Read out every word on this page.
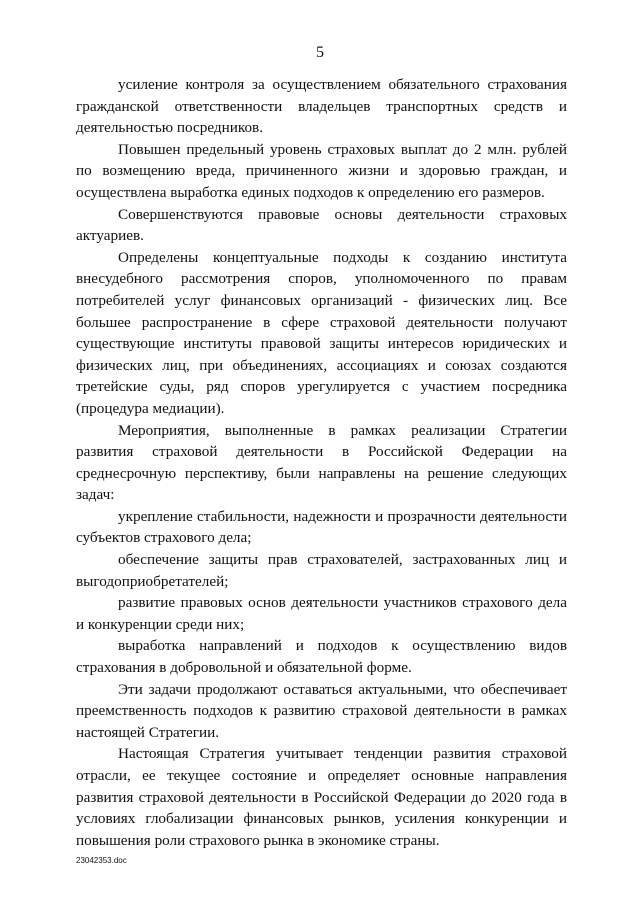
5

усиление контроля за осуществлением обязательного страхования гражданской ответственности владельцев транспортных средств и деятельностью посредников.

Повышен предельный уровень страховых выплат до 2 млн. рублей по возмещению вреда, причиненного жизни и здоровью граждан, и осуществлена выработка единых подходов к определению его размеров.

Совершенствуются правовые основы деятельности страховых актуариев.

Определены концептуальные подходы к созданию института внесудебного рассмотрения споров, уполномоченного по правам потребителей услуг финансовых организаций - физических лиц. Все большее распространение в сфере страховой деятельности получают существующие институты правовой защиты интересов юридических и физических лиц, при объединениях, ассоциациях и союзах создаются третейские суды, ряд споров урегулируется с участием посредника (процедура медиации).

Мероприятия, выполненные в рамках реализации Стратегии развития страховой деятельности в Российской Федерации на среднесрочную перспективу, были направлены на решение следующих задач:

укрепление стабильности, надежности и прозрачности деятельности субъектов страхового дела;

обеспечение защиты прав страхователей, застрахованных лиц и выгодоприобретателей;

развитие правовых основ деятельности участников страхового дела и конкуренции среди них;

выработка направлений и подходов к осуществлению видов страхования в добровольной и обязательной форме.

Эти задачи продолжают оставаться актуальными, что обеспечивает преемственность подходов к развитию страховой деятельности в рамках настоящей Стратегии.

Настоящая Стратегия учитывает тенденции развития страховой отрасли, ее текущее состояние и определяет основные направления развития страховой деятельности в Российской Федерации до 2020 года в условиях глобализации финансовых рынков, усиления конкуренции и повышения роли страхового рынка в экономике страны.

23042353.doc
